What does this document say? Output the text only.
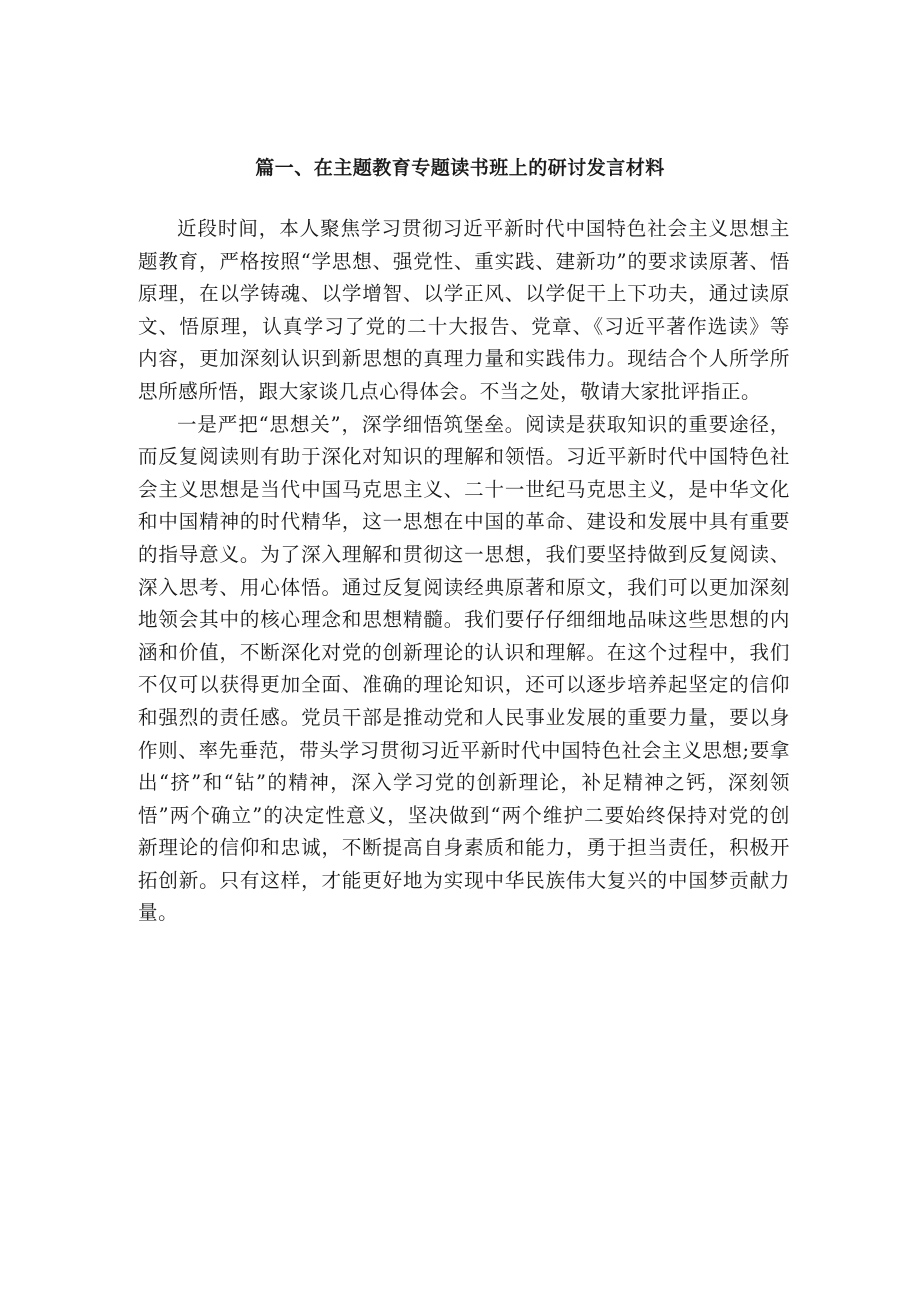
篇一、在主题教育专题读书班上的研讨发言材料

近段时间，本人聚焦学习贯彻习近平新时代中国特色社会主义思想主题教育，严格按照“学思想、强党性、重实践、建新功”的要求读原著、悟原理，在以学铸魂、以学增智、以学正风、以学促干上下功夫，通过读原文、悟原理，认真学习了党的二十大报告、党章、《习近平著作选读》等内容，更加深刻认识到新思想的真理力量和实践伟力。现结合个人所学所思所感所悟，跟大家谈几点心得体会。不当之处，敬请大家批评指正。

一是严把“思想关”，深学细悟筑堡垒。阅读是获取知识的重要途径，而反复阅读则有助于深化对知识的理解和领悟。习近平新时代中国特色社会主义思想是当代中国马克思主义、二十一世纪马克思主义，是中华文化和中国精神的时代精华，这一思想在中国的革命、建设和发展中具有重要的指导意义。为了深入理解和贯彻这一思想，我们要坚持做到反复阅读、深入思考、用心体悟。通过反复阅读经典原著和原文，我们可以更加深刻地领会其中的核心理念和思想精髓。我们要仔仔细细地品味这些思想的内涵和价值，不断深化对党的创新理论的认识和理解。在这个过程中，我们不仅可以获得更加全面、准确的理论知识，还可以逐步培养起坚定的信仰和强烈的责任感。党员干部是推动党和人民事业发展的重要力量，要以身作则、率先垂范，带头学习贯彻习近平新时代中国特色社会主义思想;要拿出“挤”和“钻”的精神，深入学习党的创新理论，补足精神之钙，深刻领悟”两个确立”的决定性意义，坚决做到“两个维护二要始终保持对党的创新理论的信仰和忠诚，不断提高自身素质和能力，勇于担当责任，积极开拓创新。只有这样，才能更好地为实现中华民族伟大复兴的中国梦贡献力量。
